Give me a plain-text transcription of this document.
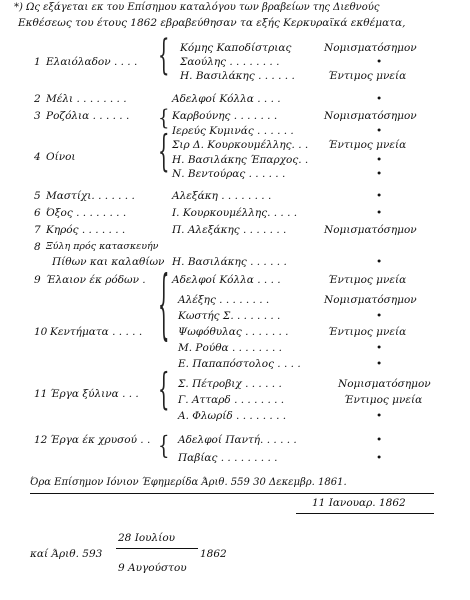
*) Ως εξάγεται εκ του Επίσημου καταλόγου των βραβείων της Διεθνούς
Εκθέσεως του έτους 1862 εβραβεύθησαν τα εξής Κερκυραϊκά εκθέματα,
1 Ελαιόλαδον . . . .
Κόμης Καποδίστριας	Νομισματόσημον
Σαούλης . . . . . . . .	•
Η. Βασιλάκης . . . . . .	Έντιμος μνεία
2 Μέλι . . . . . . . .	Αδελφοί Κόλλα . . . .	•
3 Ροζόλια . . . . . .	Καρβούνης . . . . . . .	Νομισματόσημον
Ιερεύς Κυμινάς . . . . . .	•
4 Οίνοι
Σιρ Δ. Κουρκουμέλλης. . . Έντιμος μνεία
Η. Βασιλάκης Έπαρχος. .	•
Ν. Βεντούρας . . . . . .	•
5 Μαστίχι. . . . . . .	Αλεξάκη . . . . . . . .	•
6 Όξος . . . . . . . .	Ι. Κουρκουμέλλης. . . . .	•
7 Κηρός . . . . . . .	Π. Αλεξάκης . . . . . . .	Νομισματόσημον
8 Ξύλη πρός κατασκευήν
Πίθων και καλαθίων Η. Βασιλάκης . . . . . .	•
9 Έλαιον έκ ρόδων .	Αδελφοί Κόλλα . . . .	Έντιμος μνεία
10 Κεντήματα . . . . .
Αλέξης . . . . . . . .	Νομισματόσημον
Κωστής Σ. . . . . . . .	•
Ψωφόθυλας . . . . . . .	Έντιμος μνεία
Μ. Ρούθα . . . . . . . .	•
Ε. Παπαπόστολος . . . .	•
11 Έργα ξύλινα . . .
Σ. Πέτροβιχ . . . . . .	Νομισματόσημον
Γ. Ατταρδ . . . . . . . .	Έντιμος μνεία
Α. Φλωρίδ . . . . . . . .	•
12 Έργα έκ χρυσού . .	Αδελφοί Παντή. . . . . .	•
Παβίας . . . . . . . . .	•
{
{
{
{
{
{
Όρα Επίσημον Ιόνιον Έφημερίδα Άριθ. 559 30 Δεκεμβρ. 1861.
11 Ιανουαρ. 1862
καί Άριθ. 593
28 Ιουλίου
1862
9 Αυγούστου
